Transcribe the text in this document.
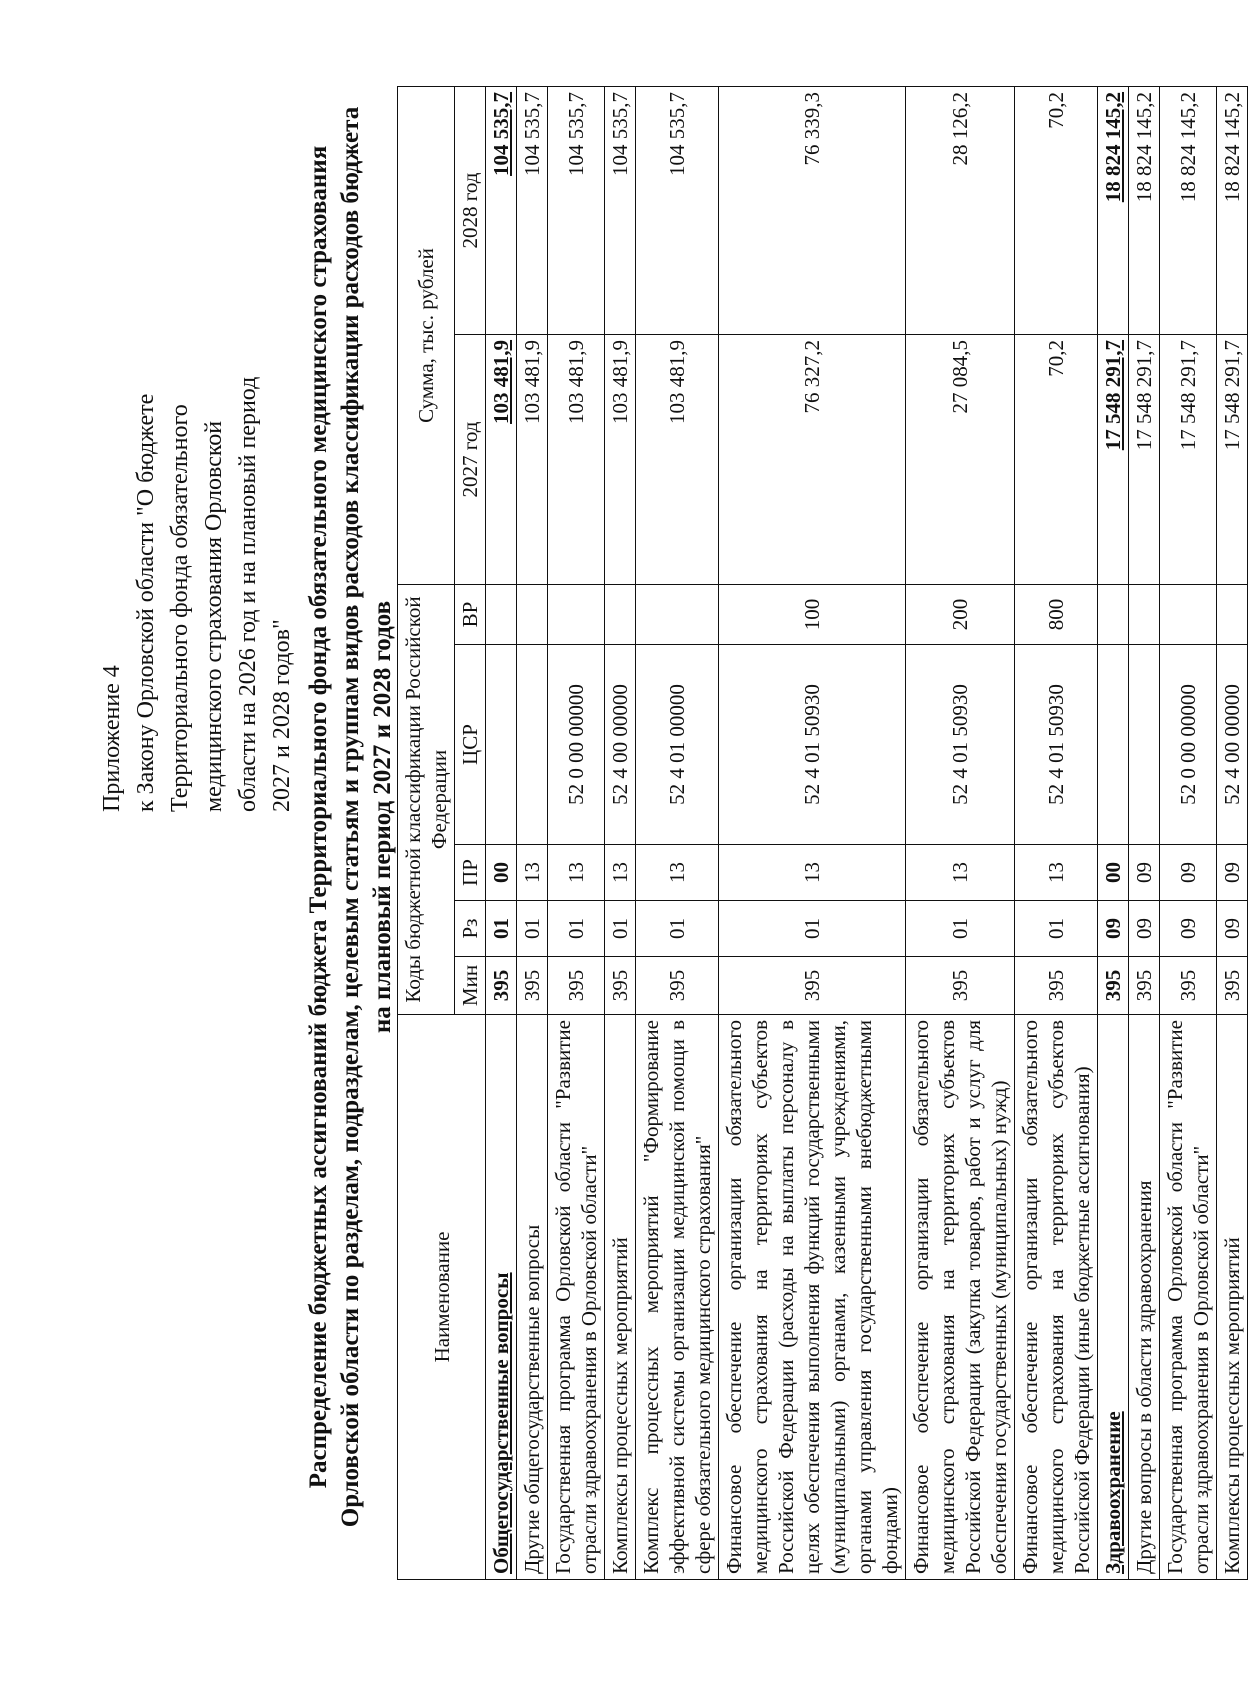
Приложение 4 к Закону Орловской области "О бюджете Территориального фонда обязательного медицинского страхования Орловской области на 2026 год и на плановый период 2027 и 2028 годов" Распределение бюджетных ассигнований бюджета Территориального фонда обязательного медицинского страхования Орловской области по разделам, подразделам, целевым статьям и группам видов расходов классификации расходов бюджета на плановый период 2027 и 2028 годов
Наименование	Коды бюджетной классификации Российской Федерации					Сумма, тыс. рублей	
	Мин	Рз	ПР	ЦСР	ВР	2027 год	2028 год
Общегосударственные вопросы	395	01	00			103 481,9	104 535,7
Другие общегосударственные вопросы	395	01	13			103 481,9	104 535,7
Государственная программа Орловской области "Развитие отрасли здравоохранения в Орловской области"	395	01	13	52 0 00 00000		103 481,9	104 535,7
Комплексы процессных мероприятий	395	01	13	52 4 00 00000		103 481,9	104 535,7
Комплекс процессных мероприятий "Формирование эффективной системы организации медицинской помощи в сфере обязательного медицинского страхования"	395	01	13	52 4 01 00000		103 481,9	104 535,7
Финансовое обеспечение организации обязательного медицинского страхования на территориях субъектов Российской Федерации (расходы на выплаты персоналу в целях обеспечения выполнения функций государственными (муниципальными) органами, казенными учреждениями, органами управления государственными внебюджетными фондами)	395	01	13	52 4 01 50930	100	76 327,2	76 339,3
Финансовое обеспечение организации обязательного медицинского страхования на территориях субъектов Российской Федерации (закупка товаров, работ и услуг для обеспечения государственных (муниципальных) нужд)	395	01	13	52 4 01 50930	200	27 084,5	28 126,2
Финансовое обеспечение организации обязательного медицинского страхования на территориях субъектов Российской Федерации (иные бюджетные ассигнования)	395	01	13	52 4 01 50930	800	70,2	70,2
Здравоохранение	395	09	00			17 548 291,7	18 824 145,2
Другие вопросы в области здравоохранения	395	09	09			17 548 291,7	18 824 145,2
Государственная программа Орловской области "Развитие отрасли здравоохранения в Орловской области"	395	09	09	52 0 00 00000		17 548 291,7	18 824 145,2
Комплексы процессных мероприятий	395	09	09	52 4 00 00000		17 548 291,7	18 824 145,2
